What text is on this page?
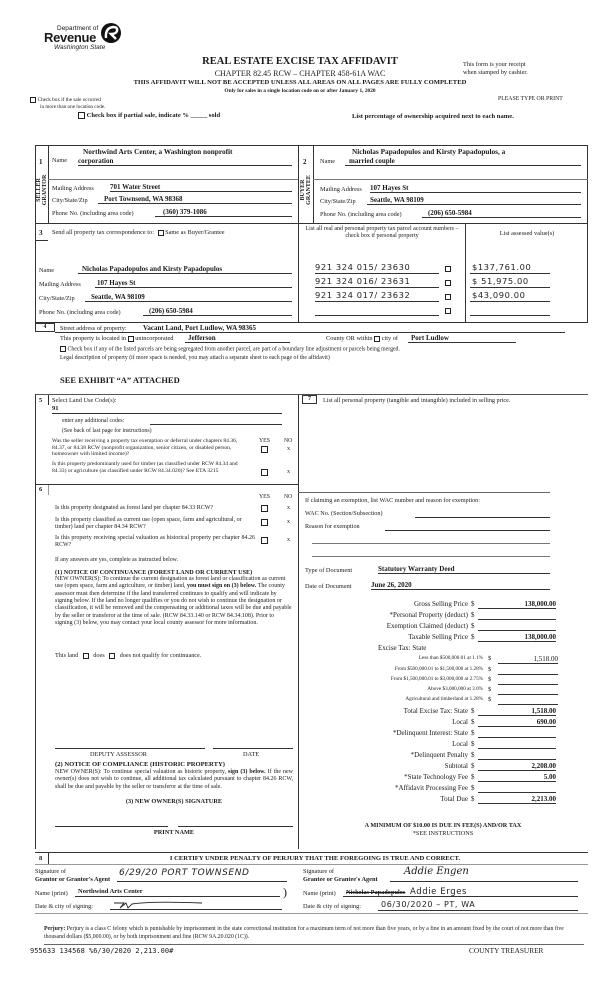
Department of
Revenue
Washington State
REAL ESTATE EXCISE TAX AFFIDAVIT
CHAPTER 82.45 RCW – CHAPTER 458-61A WAC
This form is your receipt
when stamped by cashier.
THIS AFFIDAVIT WILL NOT BE ACCEPTED UNLESS ALL AREAS ON ALL PAGES ARE FULLY COMPLETED
Only for sales in a single location code on or after January 1, 2020
Check box if the sale occurred
in more than one location code.
PLEASE TYPE OR PRINT
Check box if partial sale, indicate % _____ sold	List percentage of ownership acquired next to each name.
1
SELLER
GRANTOR
Northwind Arts Center, a Washington nonprofit
Name corporation
Mailing Address 701 Water Street
City/State/Zip	Port Townsend, WA 98368
Phone No. (including area code)	(360) 379-1086
2
BUYER
GRANTEE
Nicholas Papadopulos and Kirsty Papadopulos, a
Name	married couple
Mailing Address 107 Hayes St
City/State/Zip	Seattle, WA 98109
Phone No. (including area code)	(206) 650-5984
3 Send all property tax correspondence to: Same as Buyer/Grantee
Name	Nicholas Papadopulos and Kirsty Papadopulos
Mailing Address 107 Hayes St
City/State/Zip	Seattle, WA 98109
Phone No. (including area code)	(206) 650-5984
List all real and personal property tax parcel account numbers – check box if personal property	List assessed value(s)
921 324 015/ 23630	$137,761.00
921 324 016/ 23631	$ 51,975.00
921 324 017/ 23632	$43,090.00
4	Street address of property: Vacant Land, Port Ludlow, WA 98365
This property is located in unincorporated	Jefferson	County OR within city of	Port Ludlow
Check box if any of the listed parcels are being segregated from another parcel, are part of a boundary line adjustment or parcels being merged.
Legal description of property (if more space is needed, you may attach a separate sheet to each page of the affidavit)
SEE EXHIBIT “A” ATTACHED
5 Select Land Use Code(s):
91
enter any additional codes:
(See back of last page for instructions)
YES NO
Was the seller receiving a property tax exemption or deferral under chapters 84.36, 84.37, or 84.38 RCW (nonprofit organization, senior citizen, or disabled person, homeowner with limited income)?
x
Is this property predominantly used for timber (as classified under RCW 84.34 and 84.33) or agriculture (as classified under RCW 84.34.020)? See ETA 3215	x
6
YES NO
Is this property designated as forest land per chapter 84.33 RCW?	x
Is this property classified as current use (open space, farm and agricultural, or timber) land per chapter 84.34 RCW?
x
Is this property receiving special valuation as historical property per chapter 84.26 RCW?
x
If any answers are yes, complete as instructed below.
(1) NOTICE OF CONTINUANCE (FOREST LAND OR CURRENT USE)
NEW OWNER(S): To continue the current designation as forest land or classification as current use (open space, farm and agriculture, or timber) land, you must sign on (3) below. The county assessor must then determine if the land transferred continues to qualify and will indicate by signing below. If the land no longer qualifies or you do not wish to continue the designation or classification, it will be removed and the compensating or additional taxes will be due and payable by the seller or transferor at the time of sale. (RCW 84.33.140 or RCW 84.34.108). Prior to signing (3) below, you may contact your local county assessor for more information.
This land does does not qualify for continuance.
DEPUTY ASSESSOR	DATE
(2) NOTICE OF COMPLIANCE (HISTORIC PROPERTY)
NEW OWNER(S): To continue special valuation as historic property, sign (3) below. If the new owner(s) does not wish to continue, all additional tax calculated pursuant to chapter 84.26 RCW, shall be due and payable by the seller or transferor at the time of sale.
(3) NEW OWNER(S) SIGNATURE
PRINT NAME
7	List all personal property (tangible and intangible) included in selling price.
If claiming an exemption, list WAC number and reason for exemption:
WAC No. (Section/Subsection)
Reason for exemption
Type of Document	Statutory Warranty Deed
Date of Document	June 26, 2020
Gross Selling Price $	138,000.00
*Personal Property (deduct) $
Exemption Claimed (deduct) $
Taxable Selling Price $	138,000.00
Excise Tax: State
Less than $500,000.01 at 1.1% $	1,518.00
From $500,000.01 to $1,500,000 at 1.28% $
From $1,500,000.01 to $3,000,000 at 2.75% $
Above $3,000,000 at 3.0% $
Agricultural and timberland at 1.28% $
Total Excise Tax: State $	1,518.00
Local $	690.00
*Delinquent Interest: State $
Local $
*Delinquent Penalty $
Subtotal $	2,208.00
*State Technology Fee $	5.00
*Affidavit Processing Fee $
Total Due $	2,213.00
A MINIMUM OF $10.00 IS DUE IN FEE(S) AND/OR TAX
*SEE INSTRUCTIONS
8	I CERTIFY UNDER PENALTY OF PERJURY THAT THE FOREGOING IS TRUE AND CORRECT.
Signature of
Grantor or Grantor's Agent
6/29/20 PORT TOWNSEND
Name (print)	Northwind Arts Center	)
Date & city of signing:
Signature of
Grantee or Grantee's Agent
Addie Engen
Name (print)	Nicholas Papadopulos Addie Erges
Date & city of signing:	06/30/2020 – PT, WA
Perjury: Perjury is a class C felony which is punishable by imprisonment in the state correctional institution for a maximum term of not more than five years, or by a fine in an amount fixed by the court of not more than five thousand dollars ($5,000.00), or by both imprisonment and fine (RCW 9A.20.020 (1C)).
955633 134568 %6/30/2020 2,213.00#	COUNTY TREASURER
